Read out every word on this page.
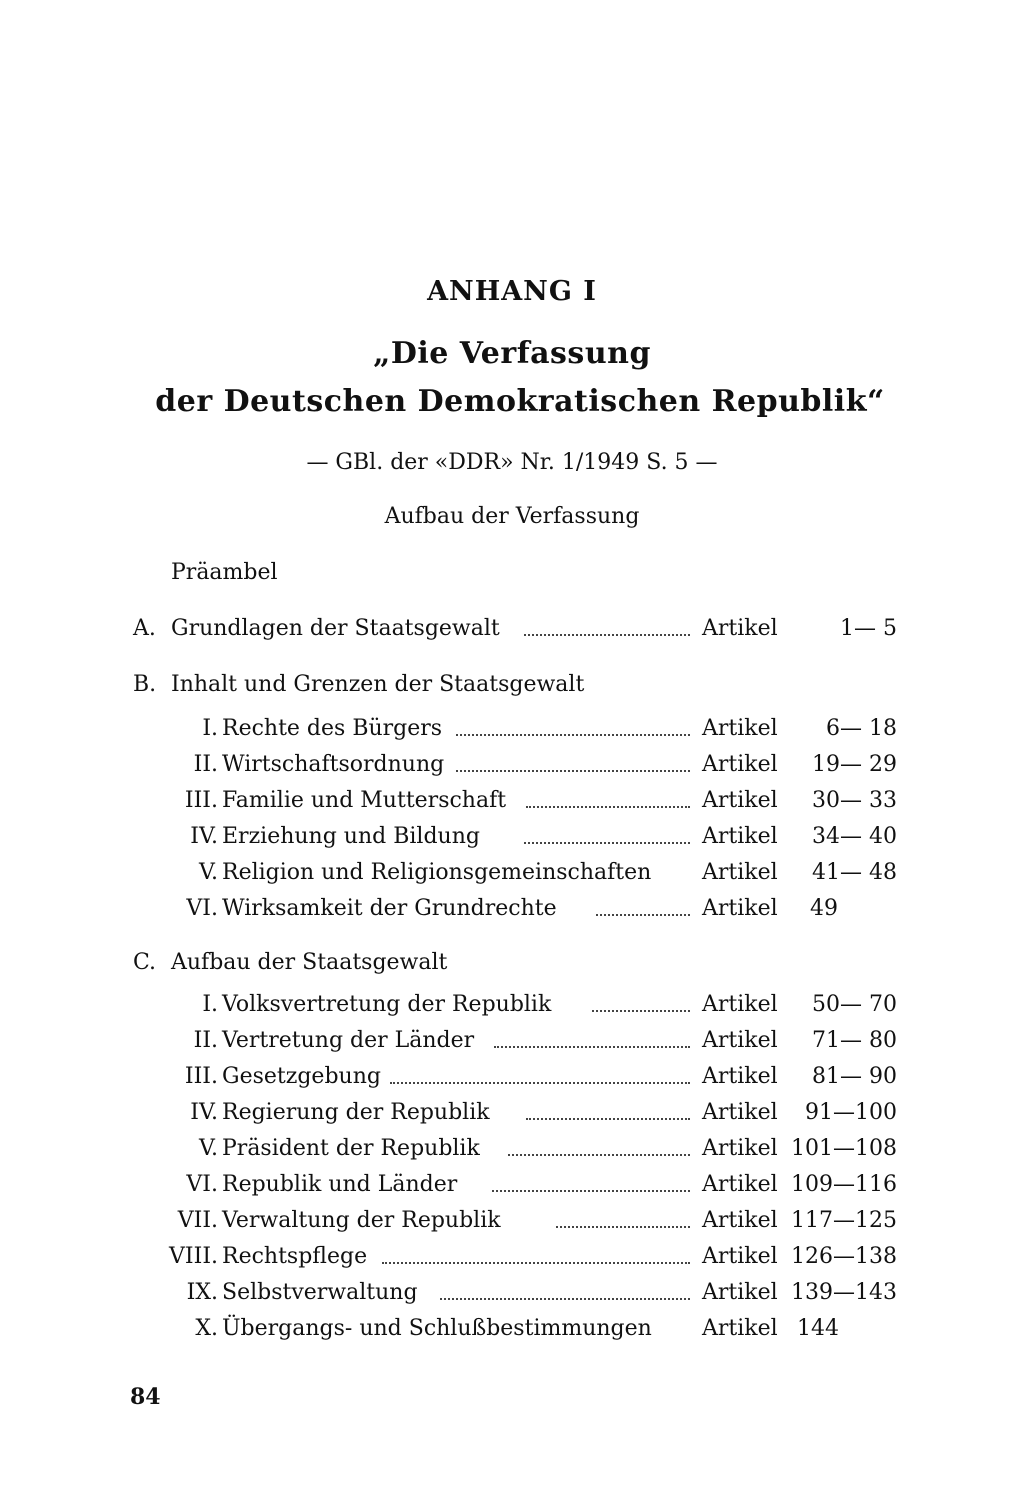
ANHANG I
„Die Verfassung
der Deutschen Demokratischen Republik“
— GBl. der «DDR» Nr. 1/1949 S. 5 —
Aufbau der Verfassung
Präambel
A. Grundlagen der Staatsgewalt	Artikel	1— 5
B. Inhalt und Grenzen der Staatsgewalt
I. Rechte des Bürgers	Artikel 6— 18
II. Wirtschaftsordnung	Artikel 19— 29
III. Familie und Mutterschaft	Artikel 30— 33
IV. Erziehung und Bildung	Artikel 34— 40
V. Religion und Religionsgemeinschaften Artikel 41— 48
VI. Wirksamkeit der Grundrechte	Artikel 49
C. Aufbau der Staatsgewalt
I. Volksvertretung der Republik	Artikel 50— 70
II. Vertretung der Länder	Artikel 71— 80
III. Gesetzgebung	Artikel 81— 90
IV. Regierung der Republik	Artikel 91—100
V. Präsident der Republik	Artikel 101—108
VI. Republik und Länder	Artikel 109—116
VII. Verwaltung der Republik	Artikel 117—125
VIII. Rechtspflege	Artikel 126—138
IX. Selbstverwaltung	Artikel 139—143
X. Übergangs- und Schlußbestimmungen Artikel 144
84
